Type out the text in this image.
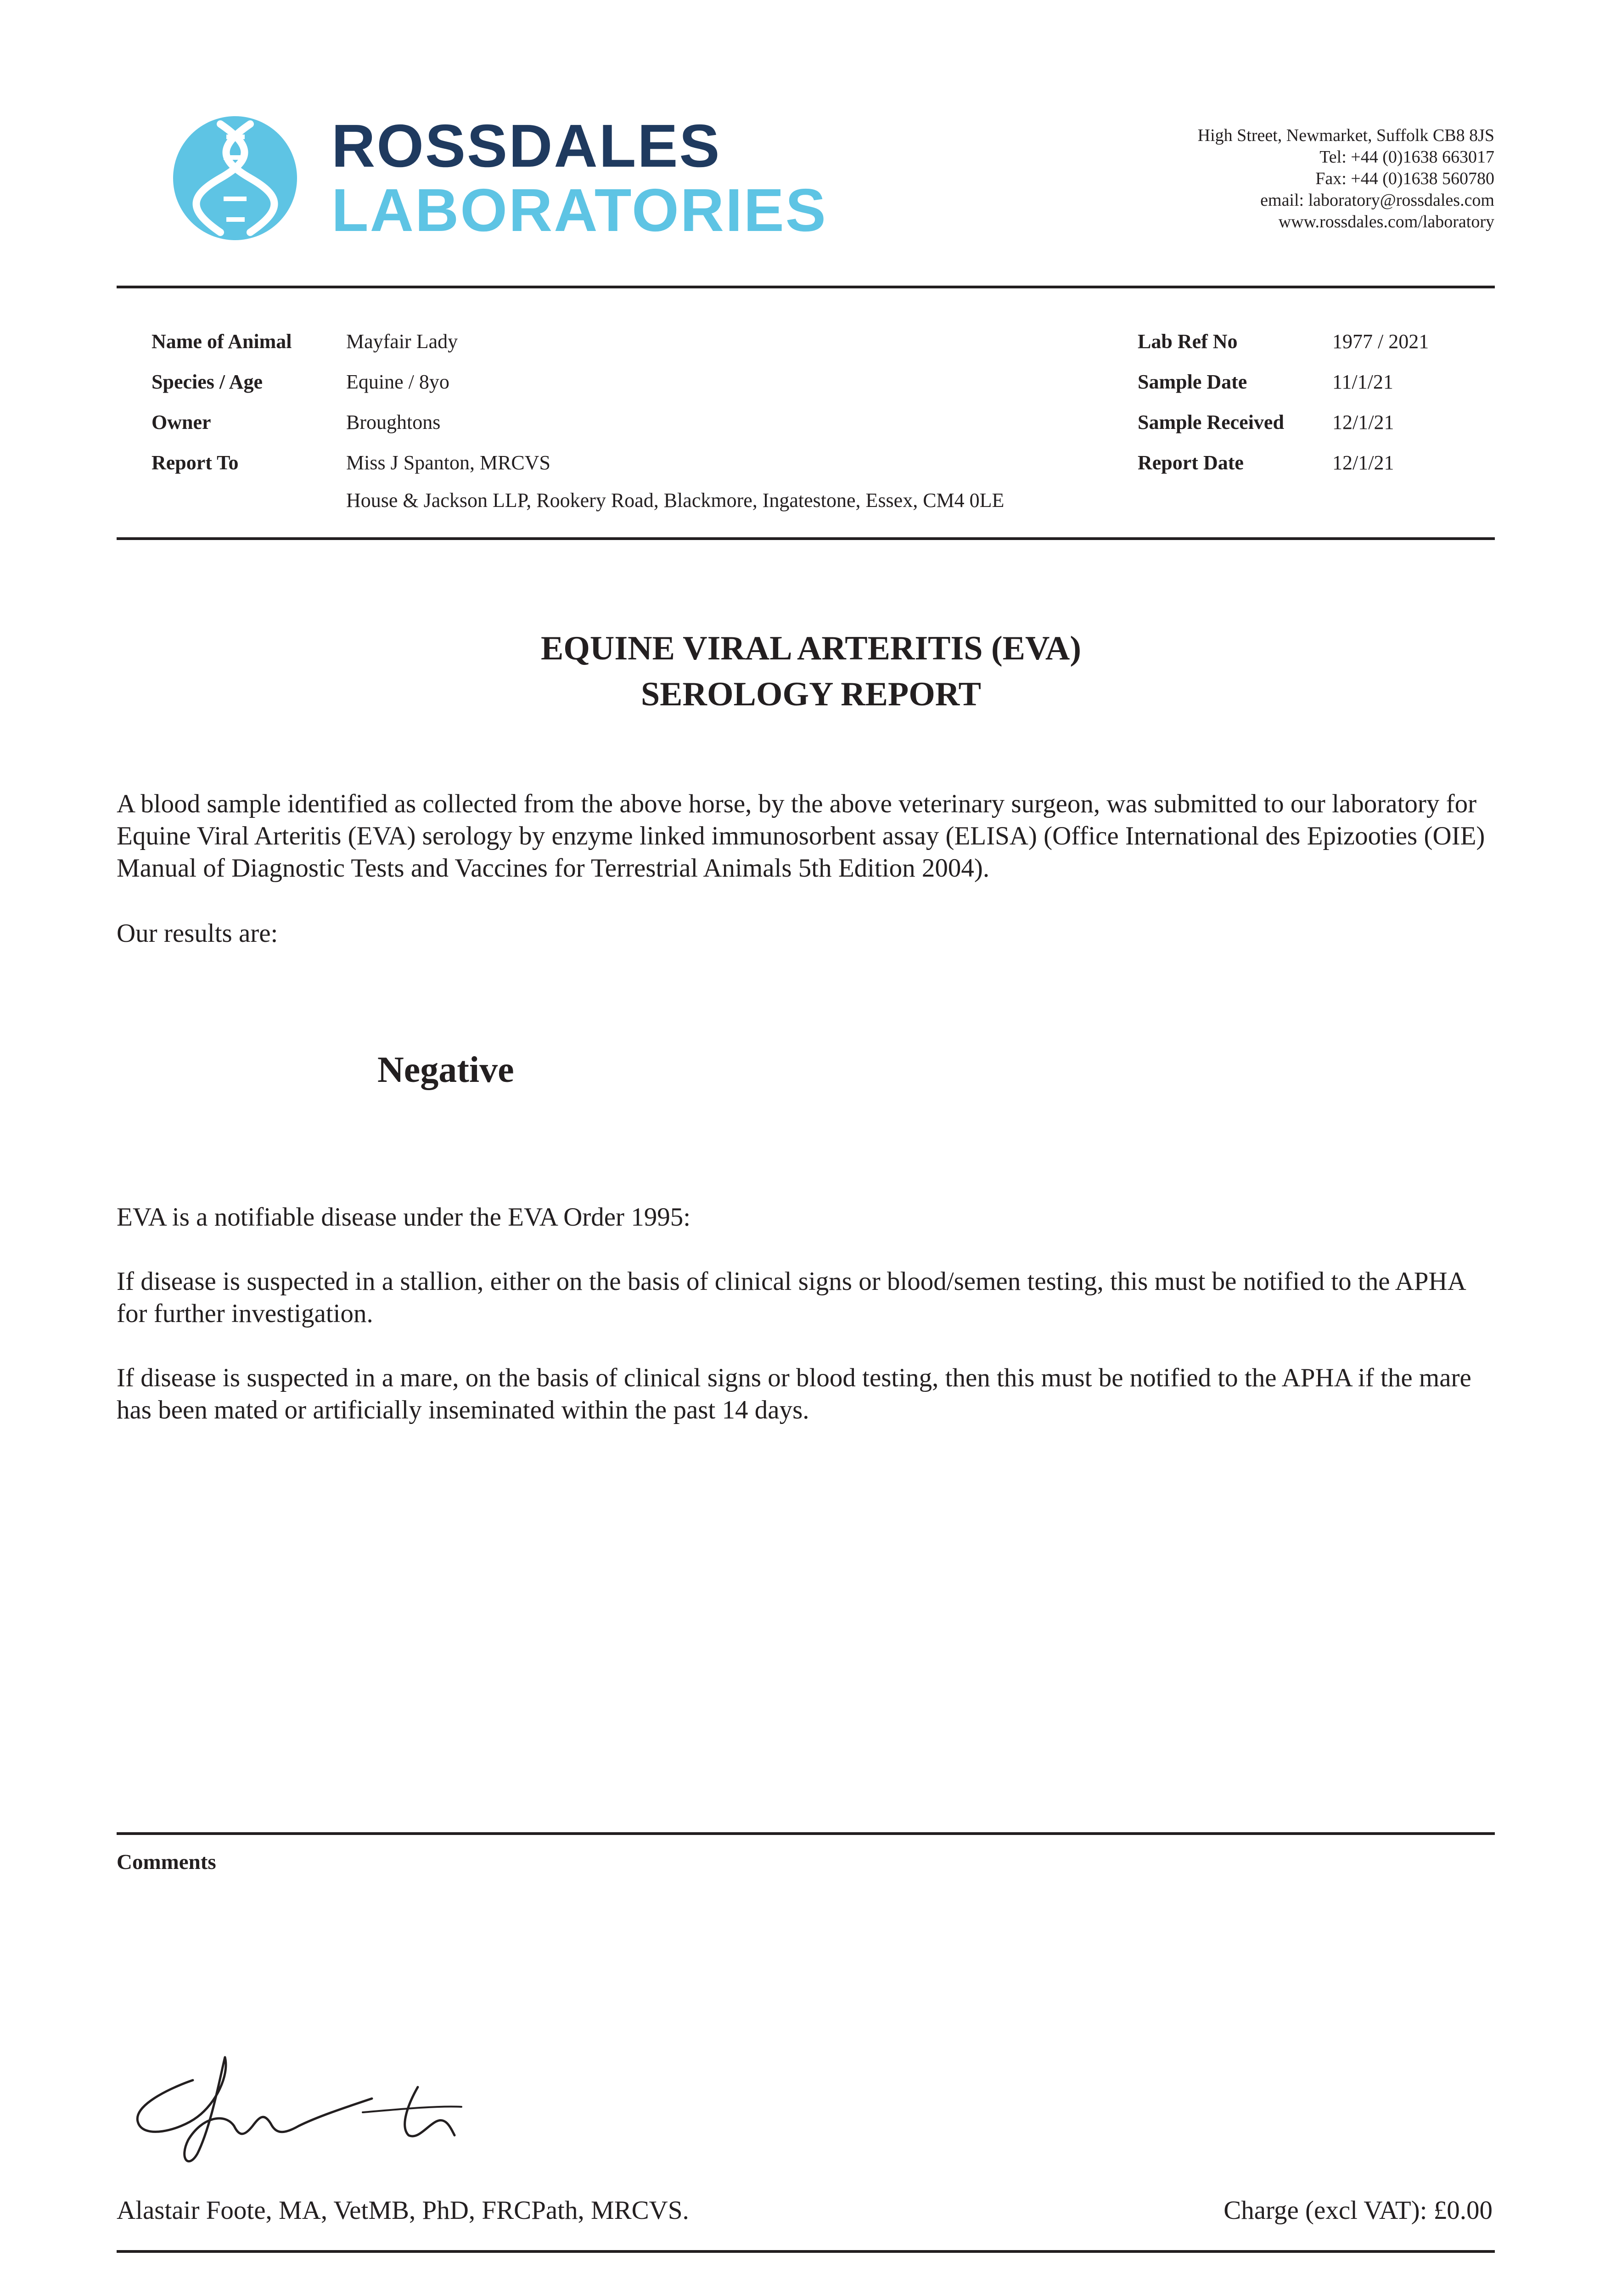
ROSSDALES
LABORATORIES
High Street, Newmarket, Suffolk CB8 8JS
Tel: +44 (0)1638 663017
Fax: +44 (0)1638 560780
email: laboratory@rossdales.com
www.rossdales.com/laboratory
Name of Animal	Mayfair Lady
Species / Age	Equine / 8yo
Owner	Broughtons
Report To	Miss J Spanton, MRCVS
House & Jackson LLP, Rookery Road, Blackmore, Ingatestone, Essex, CM4 0LE
Lab Ref No	1977 / 2021
Sample Date	11/1/21
Sample Received 12/1/21
Report Date	12/1/21
EQUINE VIRAL ARTERITIS (EVA)
SEROLOGY REPORT
A blood sample identified as collected from the above horse, by the above veterinary surgeon, was submitted to our laboratory for Equine Viral Arteritis (EVA) serology by enzyme linked immunosorbent assay (ELISA) (Office International des Epizooties (OIE) Manual of Diagnostic Tests and Vaccines for Terrestrial Animals 5th Edition 2004).
Our results are:
Negative
EVA is a notifiable disease under the EVA Order 1995:
If disease is suspected in a stallion, either on the basis of clinical signs or blood/semen testing, this must be notified to the APHA for further investigation.
If disease is suspected in a mare, on the basis of clinical signs or blood testing, then this must be notified to the APHA if the mare has been mated or artificially inseminated within the past 14 days.
Comments
Alastair Foote, MA, VetMB, PhD, FRCPath, MRCVS.	Charge (excl VAT): £0.00
